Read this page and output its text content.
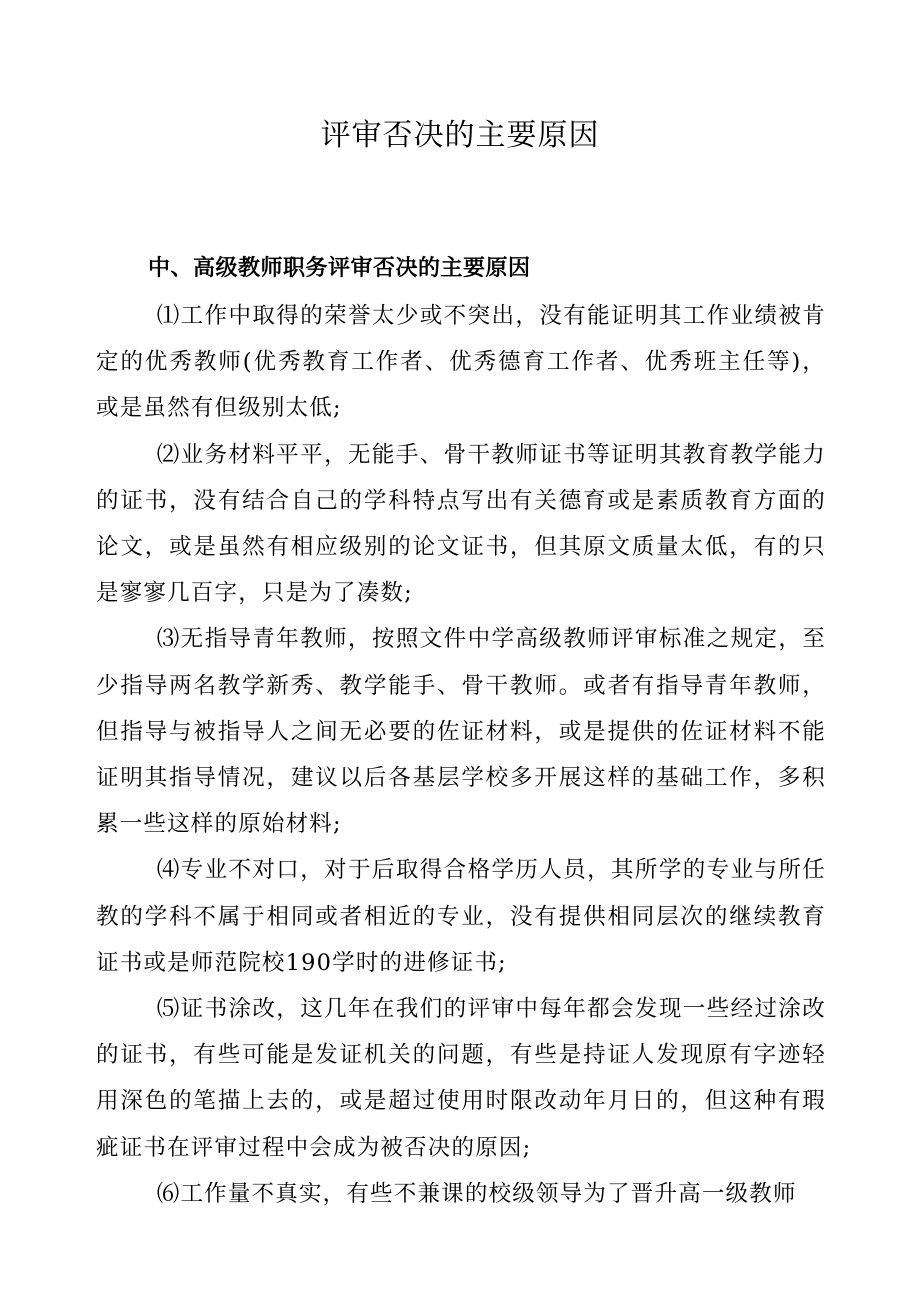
评审否决的主要原因
中、高级教师职务评审否决的主要原因

⑴工作中取得的荣誉太少或不突出，没有能证明其工作业绩被肯定的优秀教师(优秀教育工作者、优秀德育工作者、优秀班主任等)，或是虽然有但级别太低;

⑵业务材料平平，无能手、骨干教师证书等证明其教育教学能力的证书，没有结合自己的学科特点写出有关德育或是素质教育方面的论文，或是虽然有相应级别的论文证书，但其原文质量太低，有的只是寥寥几百字，只是为了凑数;

⑶无指导青年教师，按照文件中学高级教师评审标准之规定，至少指导两名教学新秀、教学能手、骨干教师。或者有指导青年教师，但指导与被指导人之间无必要的佐证材料，或是提供的佐证材料不能证明其指导情况，建议以后各基层学校多开展这样的基础工作，多积累一些这样的原始材料;

⑷专业不对口，对于后取得合格学历人员，其所学的专业与所任教的学科不属于相同或者相近的专业，没有提供相同层次的继续教育证书或是师范院校190学时的进修证书;

⑸证书涂改，这几年在我们的评审中每年都会发现一些经过涂改的证书，有些可能是发证机关的问题，有些是持证人发现原有字迹轻用深色的笔描上去的，或是超过使用时限改动年月日的，但这种有瑕疵证书在评审过程中会成为被否决的原因;

⑹工作量不真实，有些不兼课的校级领导为了晋升高一级教师
